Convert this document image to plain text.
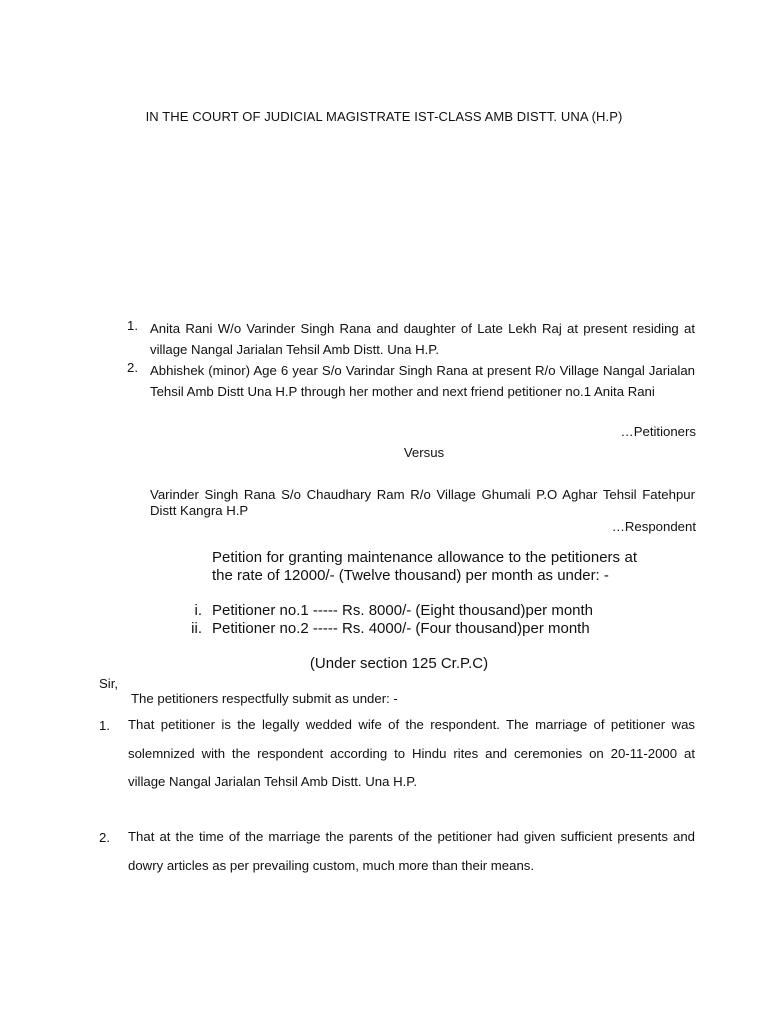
IN THE COURT OF JUDICIAL MAGISTRATE IST-CLASS AMB DISTT. UNA (H.P)
1. Anita Rani W/o Varinder Singh Rana and daughter of Late Lekh Raj at present residing at village Nangal Jarialan Tehsil Amb Distt. Una H.P.
2. Abhishek (minor) Age 6 year S/o Varindar Singh Rana at present R/o Village Nangal Jarialan Tehsil Amb Distt Una H.P through her mother and next friend petitioner no.1 Anita Rani
…Petitioners
Versus
Varinder Singh Rana S/o Chaudhary Ram R/o Village Ghumali P.O Aghar Tehsil Fatehpur Distt Kangra H.P
…Respondent
Petition for granting maintenance allowance to the petitioners at the rate of 12000/- (Twelve thousand) per month as under: -
i. Petitioner no.1 ----- Rs. 8000/- (Eight thousand)per month
ii. Petitioner no.2 ----- Rs. 4000/- (Four thousand)per month
(Under section 125 Cr.P.C)
Sir,
The petitioners respectfully submit as under: -
1. That petitioner is the legally wedded wife of the respondent. The marriage of petitioner was solemnized with the respondent according to Hindu rites and ceremonies on 20-11-2000 at village Nangal Jarialan Tehsil Amb Distt. Una H.P.
2. That at the time of the marriage the parents of the petitioner had given sufficient presents and dowry articles as per prevailing custom, much more than their means.
